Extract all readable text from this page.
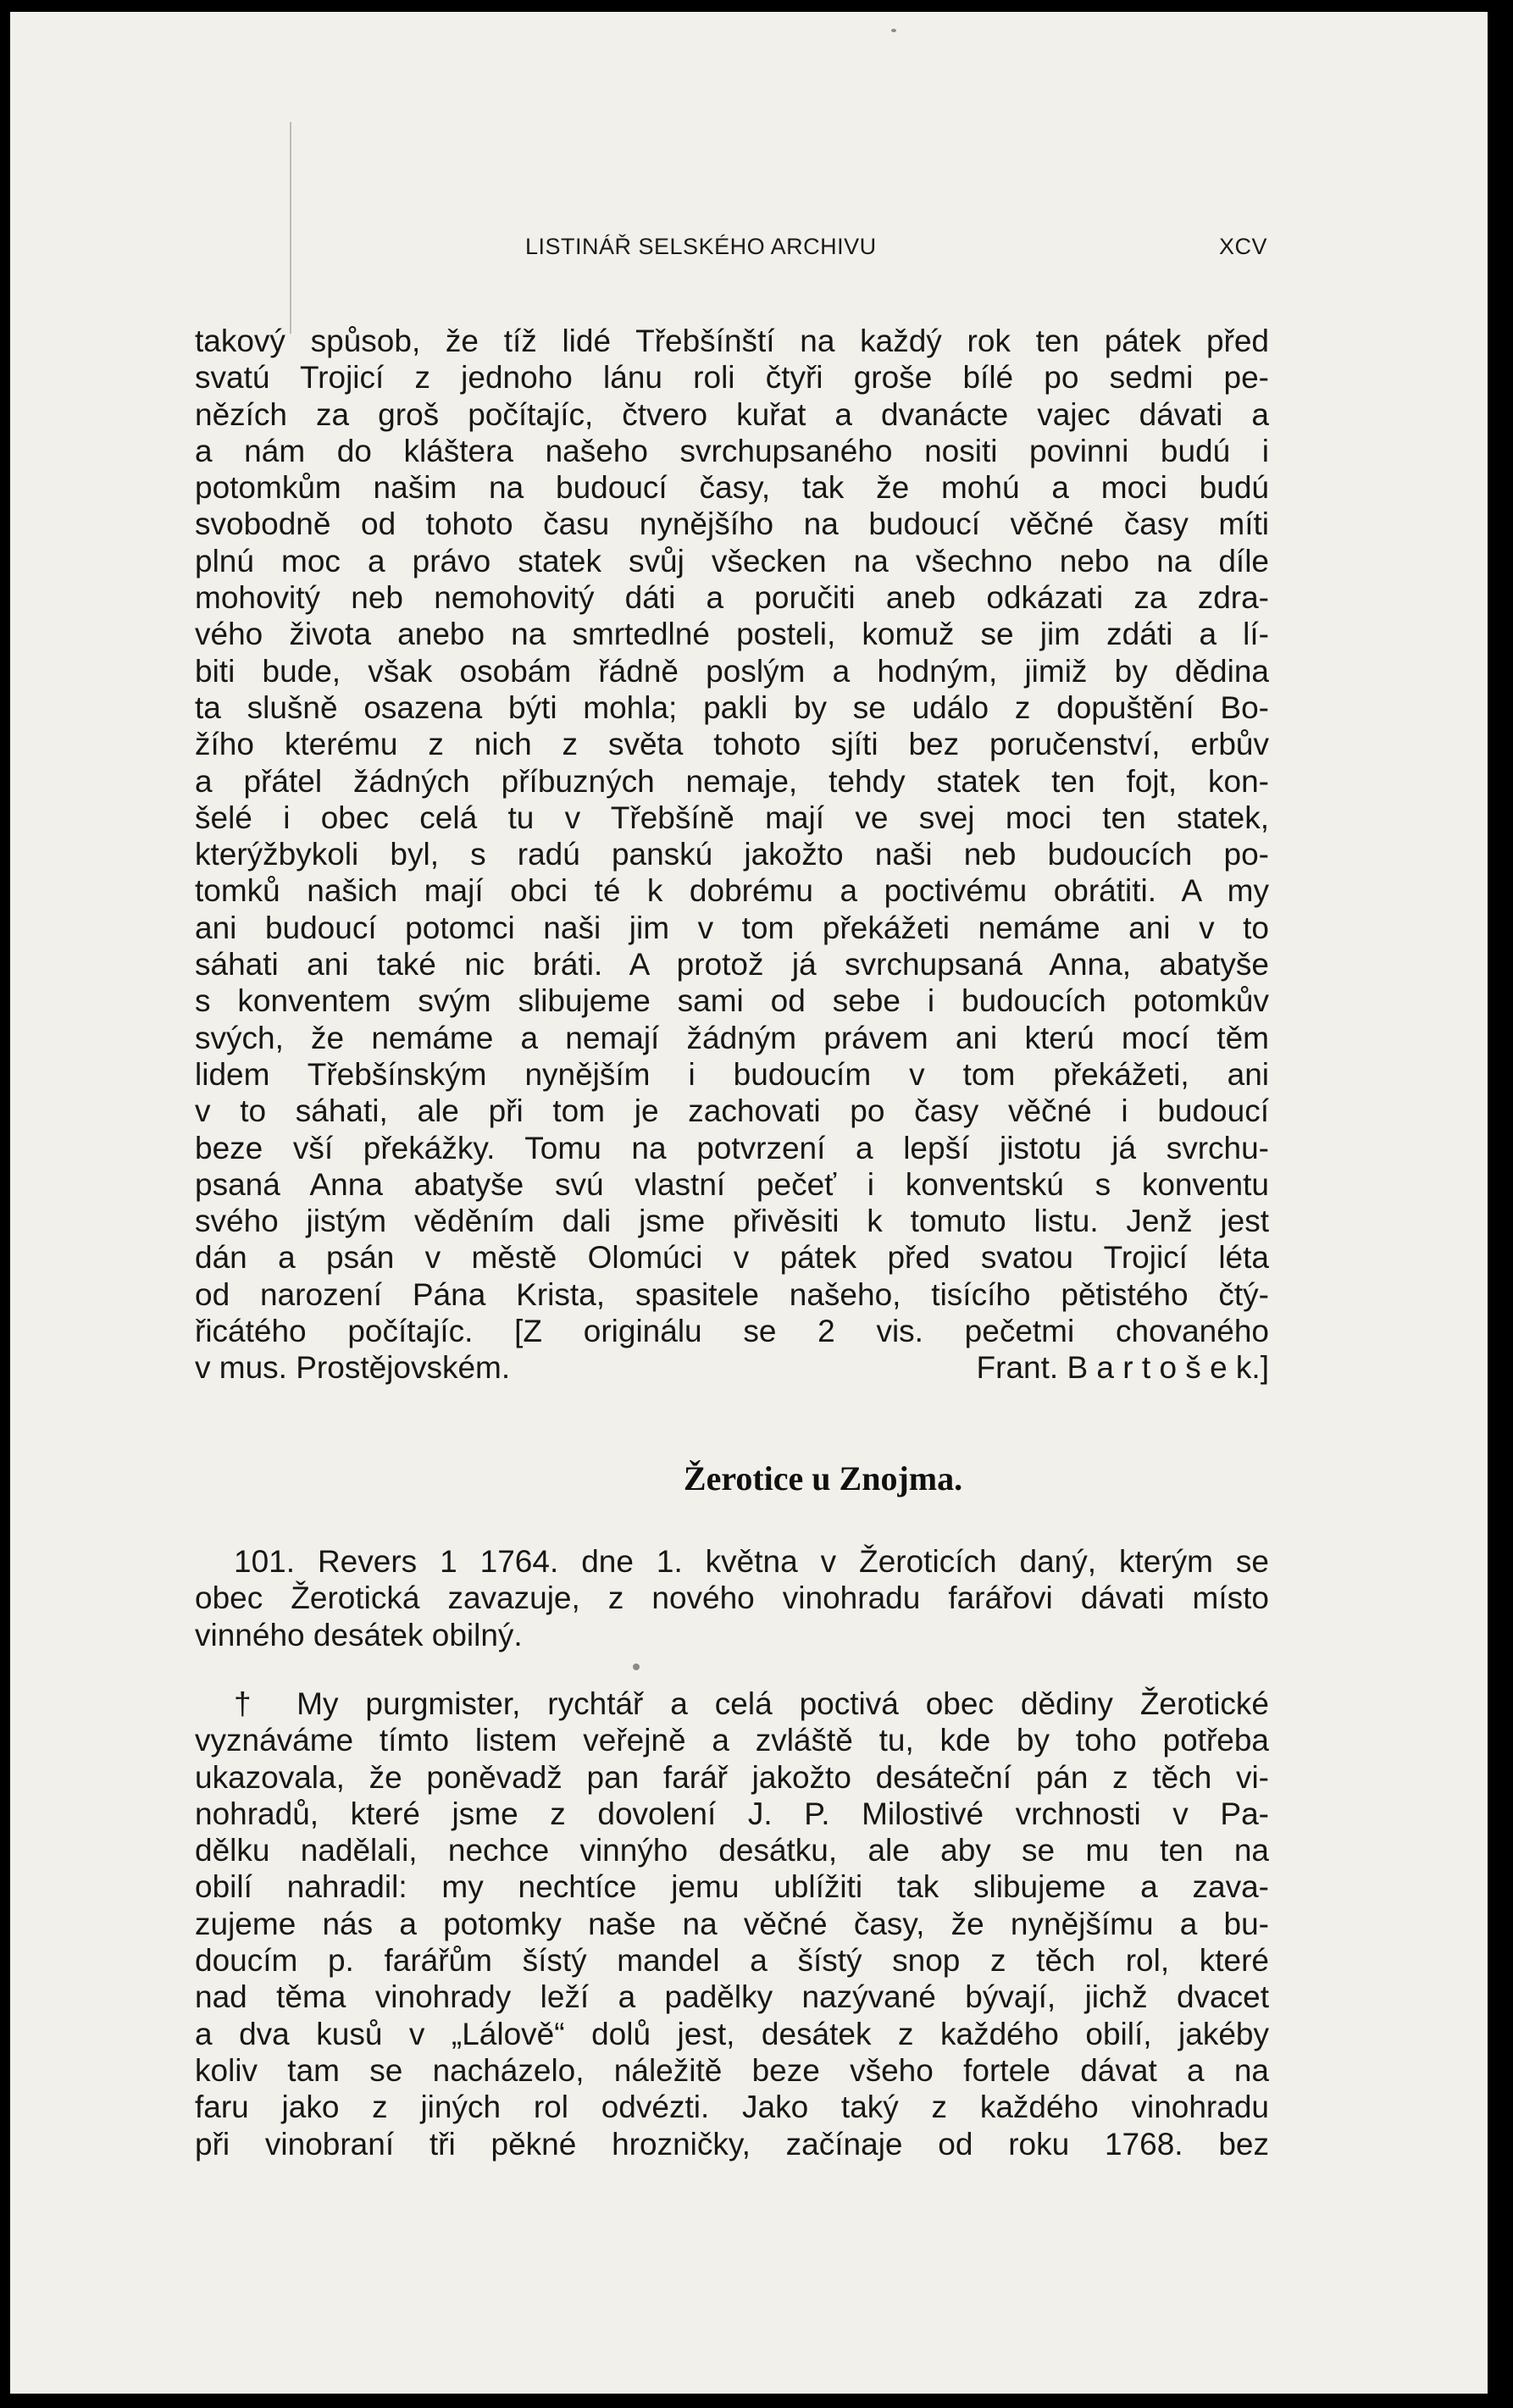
LISTINÁŘ SELSKÉHO ARCHIVU	XCV
takový spůsob, že tíž lidé Třebšínští na každý rok ten pátek před
svatú Trojicí z jednoho lánu roli čtyři groše bílé po sedmi pe-
nězích za groš počítajíc, čtvero kuřat a dvanácte vajec dávati a
a nám do kláštera našeho svrchupsaného nositi povinni budú i
potomkům našim na budoucí časy, tak že mohú a moci budú
svobodně od tohoto času nynějšího na budoucí věčné časy míti
plnú moc a právo statek svůj všecken na všechno nebo na díle
mohovitý neb nemohovitý dáti a poručiti aneb odkázati za zdra-
vého života anebo na smrtedlné posteli, komuž se jim zdáti a lí-
biti bude, však osobám řádně poslým a hodným, jimiž by dědina
ta slušně osazena býti mohla; pakli by se událo z dopuštění Bo-
žího kterému z nich z světa tohoto sjíti bez poručenství, erbův
a přátel žádných příbuzných nemaje, tehdy statek ten fojt, kon-
šelé i obec celá tu v Třebšíně mají ve svej moci ten statek,
kterýžbykoli byl, s radú panskú jakožto naši neb budoucích po-
tomků našich mají obci té k dobrému a poctivému obrátiti. A my
ani budoucí potomci naši jim v tom překážeti nemáme ani v to
sáhati ani také nic bráti. A protož já svrchupsaná Anna, abatyše
s konventem svým slibujeme sami od sebe i budoucích potomkův
svých, že nemáme a nemají žádným právem ani kterú mocí těm
lidem Třebšínským nynějším i budoucím v tom překážeti, ani
v to sáhati, ale při tom je zachovati po časy věčné i budoucí
beze vší překážky. Tomu na potvrzení a lepší jistotu já svrchu-
psaná Anna abatyše svú vlastní pečeť i konventskú s konventu
svého jistým věděním dali jsme přivěsiti k tomuto listu. Jenž jest
dán a psán v městě Olomúci v pátek před svatou Trojicí léta
od narození Pána Krista, spasitele našeho, tisícího pětistého čtý-
řicátého počítajíc. [Z originálu se 2 vis. pečetmi chovaného
v mus. Prostějovském.	Frant. B a r t o š e k.]
Žerotice u Znojma.
101. Revers 1 1764. dne 1. května v Žeroticích daný, kterým se
obec Žerotická zavazuje, z nového vinohradu farářovi dávati místo
vinného desátek obilný.
† My purgmister, rychtář a celá poctivá obec dědiny Žerotické
vyznáváme tímto listem veřejně a zvláště tu, kde by toho potřeba
ukazovala, že poněvadž pan farář jakožto desáteční pán z těch vi-
nohradů, které jsme z dovolení J. P. Milostivé vrchnosti v Pa-
dělku nadělali, nechce vinnýho desátku, ale aby se mu ten na
obilí nahradil: my nechtíce jemu ublížiti tak slibujeme a zava-
zujeme nás a potomky naše na věčné časy, že nynějšímu a bu-
doucím p. farářům šístý mandel a šístý snop z těch rol, které
nad těma vinohrady leží a padělky nazývané bývají, jichž dvacet
a dva kusů v „Lálově“ dolů jest, desátek z každého obilí, jakéby
koliv tam se nacházelo, náležitě beze všeho fortele dávat a na
faru jako z jiných rol odvézti. Jako taký z každého vinohradu
při vinobraní tři pěkné hrozničky, začínaje od roku 1768. bez
